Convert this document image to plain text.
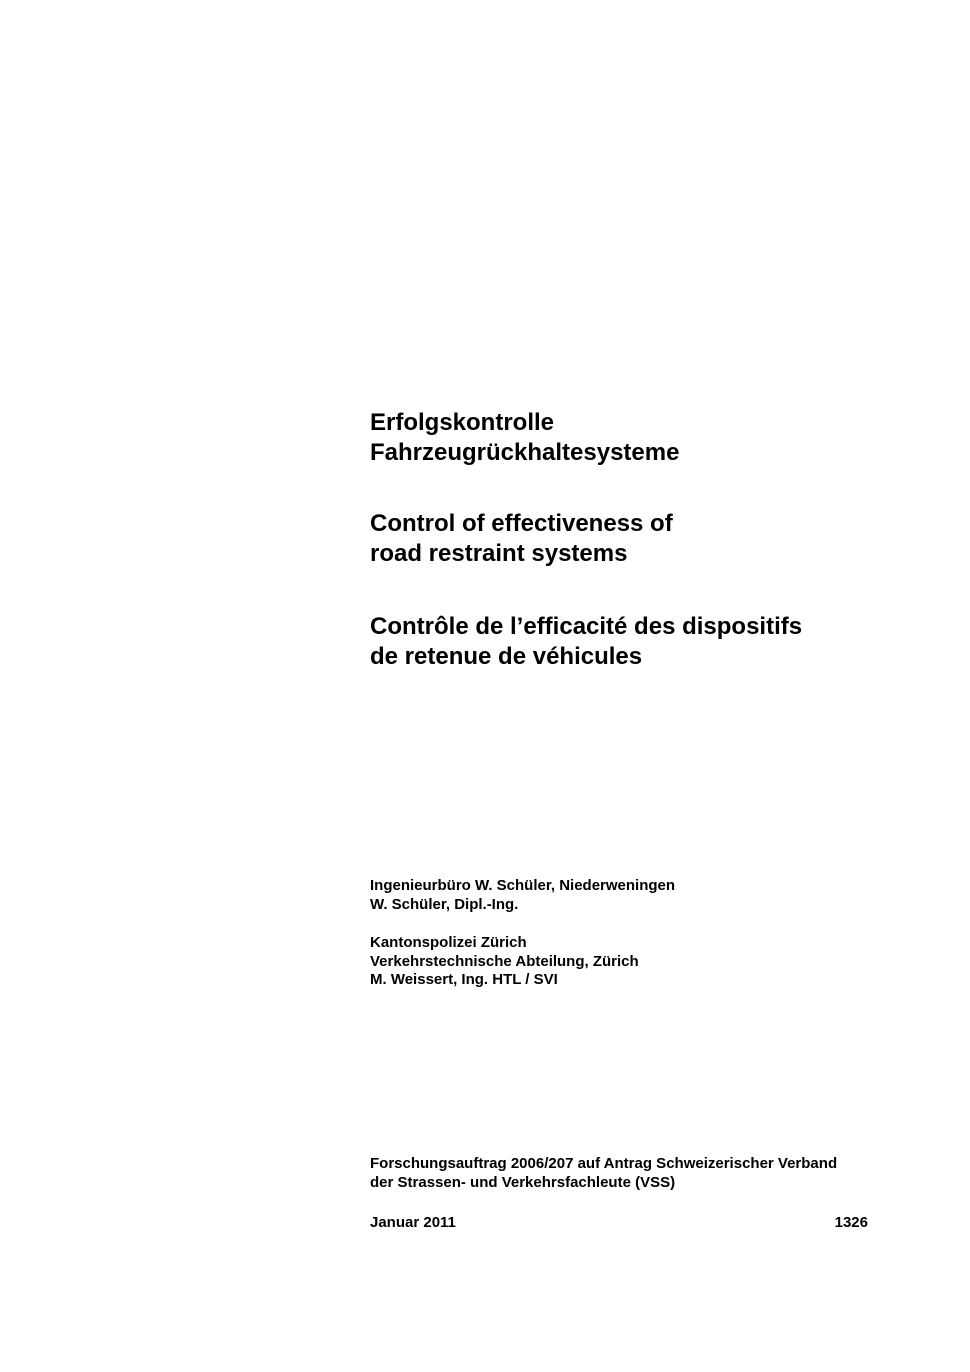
Erfolgskontrolle
Fahrzeugrückhaltesysteme
Control of effectiveness of
road restraint systems
Contrôle de l’efficacité des dispositifs
de retenue de véhicules
Ingenieurbüro W. Schüler, Niederweningen
W. Schüler, Dipl.-Ing.
Kantonspolizei Zürich
Verkehrstechnische Abteilung, Zürich
M. Weissert, Ing. HTL / SVI
Forschungsauftrag 2006/207 auf Antrag Schweizerischer Verband
der Strassen- und Verkehrsfachleute (VSS)
Januar 2011	1326
